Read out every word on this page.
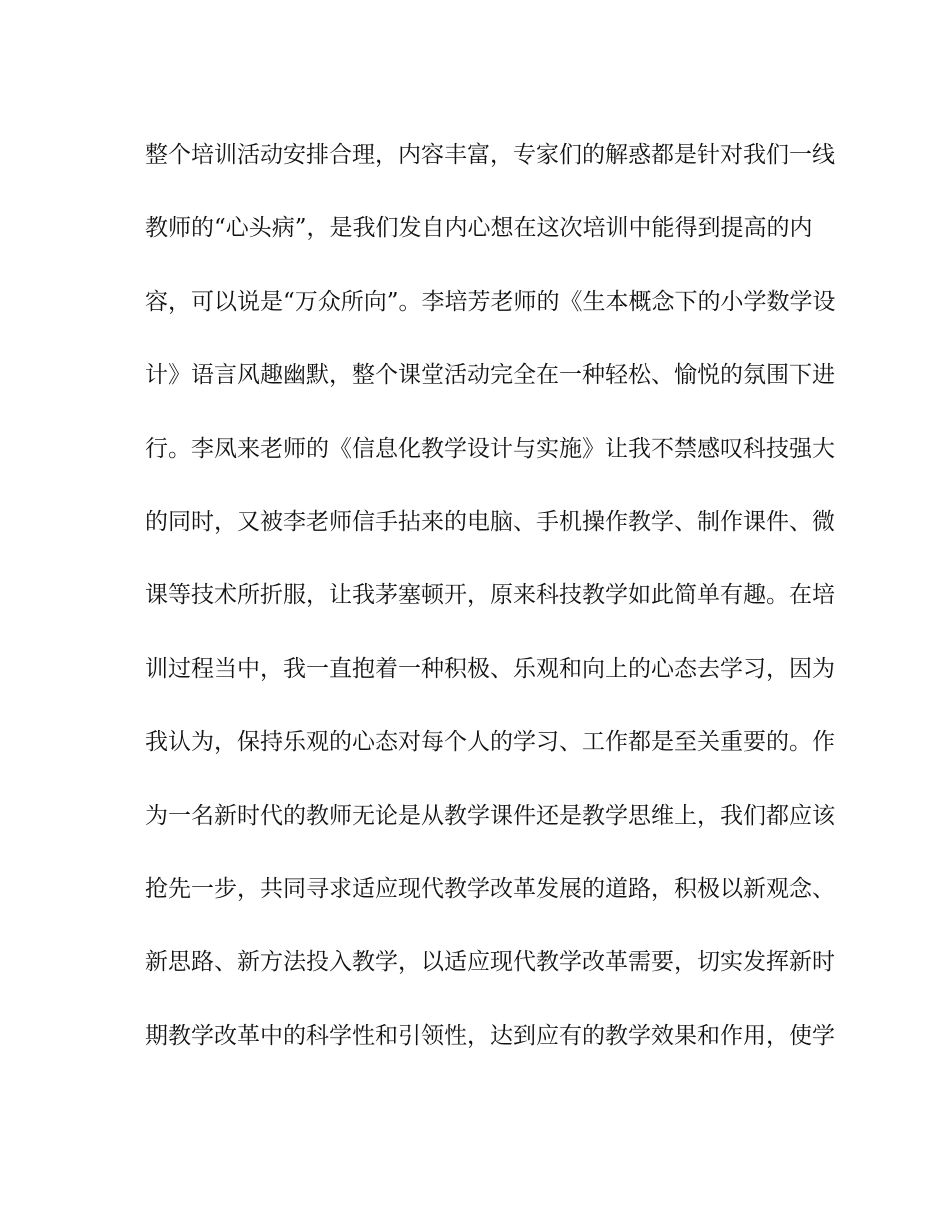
整个培训活动安排合理，内容丰富，专家们的解惑都是针对我们一线
教师的“心头病”，是我们发自内心想在这次培训中能得到提高的内
容，可以说是“万众所向”。李培芳老师的《生本概念下的小学数学设
计》语言风趣幽默，整个课堂活动完全在一种轻松、愉悦的氛围下进
行。李凤来老师的《信息化教学设计与实施》让我不禁感叹科技强大
的同时，又被李老师信手拈来的电脑、手机操作教学、制作课件、微
课等技术所折服，让我茅塞顿开，原来科技教学如此简单有趣。在培
训过程当中，我一直抱着一种积极、乐观和向上的心态去学习，因为
我认为，保持乐观的心态对每个人的学习、工作都是至关重要的。作
为一名新时代的教师无论是从教学课件还是教学思维上，我们都应该
抢先一步，共同寻求适应现代教学改革发展的道路，积极以新观念、
新思路、新方法投入教学，以适应现代教学改革需要，切实发挥新时
期教学改革中的科学性和引领性，达到应有的教学效果和作用，使学
